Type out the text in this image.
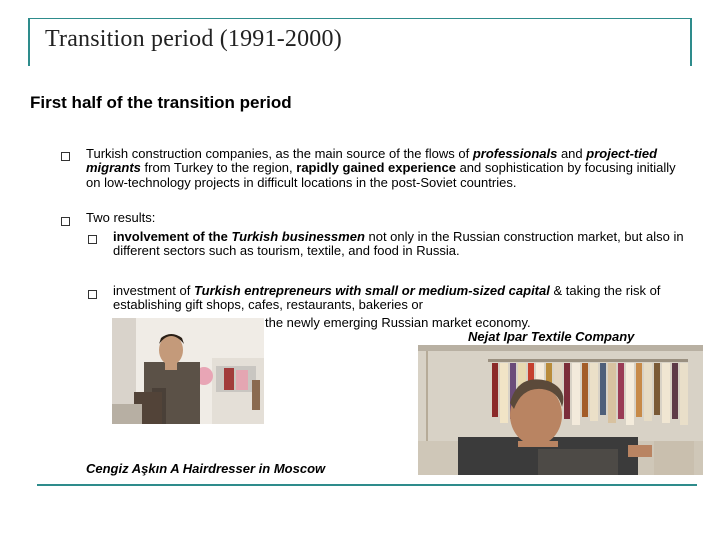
Transition period (1991-2000)
First half of the transition period
Turkish construction companies, as the main source of the flows of professionals and project-tied migrants from Turkey to the region, rapidly gained experience and sophistication by focusing initially on low-technology projects in difficult locations in the post-Soviet countries.
Two results:
involvement of the Turkish businessmen not only in the Russian construction market, but also in different sectors such as tourism, textile, and food in Russia.
investment of Turkish entrepreneurs with small or medium-sized capital & taking the risk of establishing gift shops, cafes, restaurants, bakeries or
the newly emerging Russian market economy.
Nejat Ipar Textile Company
Cengiz Aşkın A Hairdresser in Moscow
